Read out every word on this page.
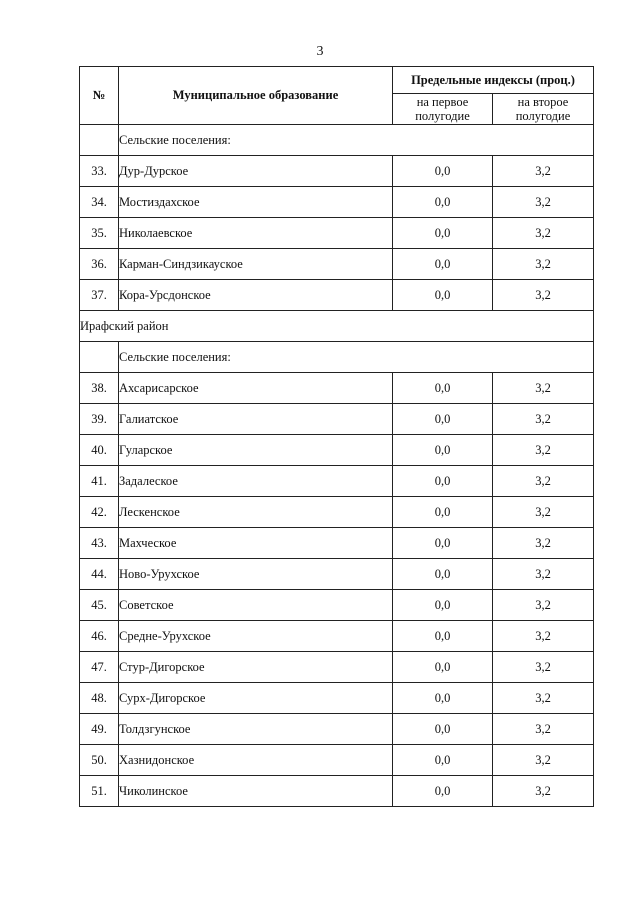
3
№	Муниципальное образование	Предельные индексы (проц.)	
		на первое полугодие	на второе полугодие
	Сельские поселения:		
33.	Дур-Дурское	0,0	3,2
34.	Мостиздахское	0,0	3,2
35.	Николаевское	0,0	3,2
36.	Карман-Синдзикауское	0,0	3,2
37.	Кора-Урсдонское	0,0	3,2
Ирафский район			
	Сельские поселения:		
38.	Ахсарисарское	0,0	3,2
39.	Галиатское	0,0	3,2
40.	Гуларское	0,0	3,2
41.	Задалеское	0,0	3,2
42.	Лескенское	0,0	3,2
43.	Махческое	0,0	3,2
44.	Ново-Урухское	0,0	3,2
45.	Советское	0,0	3,2
46.	Средне-Урухское	0,0	3,2
47.	Стур-Дигорское	0,0	3,2
48.	Сурх-Дигорское	0,0	3,2
49.	Толдзгунское	0,0	3,2
50.	Хазнидонское	0,0	3,2
51.	Чиколинское	0,0	3,2
